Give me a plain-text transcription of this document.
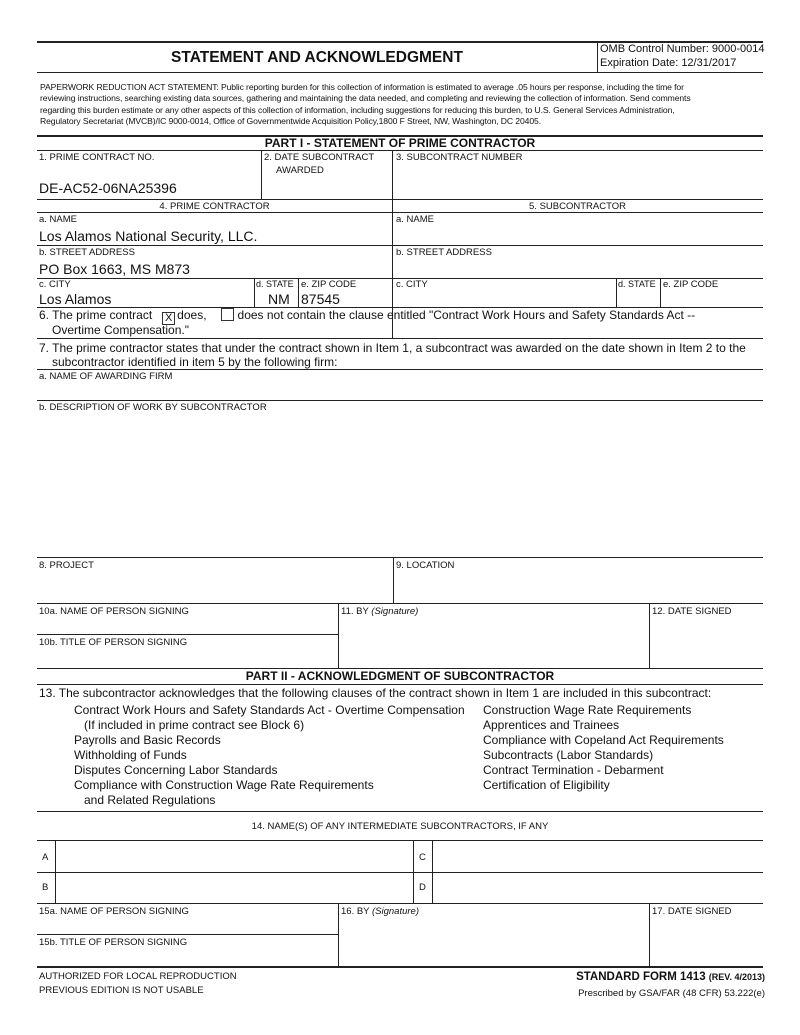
STATEMENT AND ACKNOWLEDGMENT	OMB Control Number: 9000-0014
Expiration Date: 12/31/2017
PAPERWORK REDUCTION ACT STATEMENT: Public reporting burden for this collection of information is estimated to average .05 hours per response, including the time for
reviewing instructions, searching existing data sources, gathering and maintaining the data needed, and completing and reviewing the collection of information. Send comments
regarding this burden estimate or any other aspects of this collection of information, including suggestions for reducing this burden, to U.S. General Services Administration,
Regulatory Secretariat (MVCB)/IC 9000-0014, Office of Governmentwide Acquisition Policy,1800 F Street, NW, Washington, DC 20405.
PART I - STATEMENT OF PRIME CONTRACTOR
1. PRIME CONTRACT NO.
DE-AC52-06NA25396
2. DATE SUBCONTRACT
AWARDED
3. SUBCONTRACT NUMBER
4. PRIME CONTRACTOR	5. SUBCONTRACTOR
a. NAME
Los Alamos National Security, LLC.
a. NAME
b. STREET ADDRESS
PO Box 1663, MS M873
b. STREET ADDRESS
c. CITY
Los Alamos
d. STATE
NM
e. ZIP CODE
87545
c. CITY	d. STATE e. ZIP CODE
6. The prime contract X does,	does not contain the clause entitled "Contract Work Hours and Safety Standards Act --
Overtime Compensation."
7. The prime contractor states that under the contract shown in Item 1, a subcontract was awarded on the date shown in Item 2 to the
subcontractor identified in item 5 by the following firm:
a. NAME OF AWARDING FIRM
b. DESCRIPTION OF WORK BY SUBCONTRACTOR
8. PROJECT	9. LOCATION
10a. NAME OF PERSON SIGNING	11. BY (Signature)	12. DATE SIGNED
10b. TITLE OF PERSON SIGNING
PART II - ACKNOWLEDGMENT OF SUBCONTRACTOR
13. The subcontractor acknowledges that the following clauses of the contract shown in Item 1 are included in this subcontract:
Contract Work Hours and Safety Standards Act - Overtime Compensation
(If included in prime contract see Block 6)
Payrolls and Basic Records
Withholding of Funds
Disputes Concerning Labor Standards
Compliance with Construction Wage Rate Requirements
and Related Regulations
Construction Wage Rate Requirements
Apprentices and Trainees
Compliance with Copeland Act Requirements
Subcontracts (Labor Standards)
Contract Termination - Debarment
Certification of Eligibility
14. NAME(S) OF ANY INTERMEDIATE SUBCONTRACTORS, IF ANY
A	C
B	D
15a. NAME OF PERSON SIGNING	16. BY (Signature)	17. DATE SIGNED
15b. TITLE OF PERSON SIGNING
AUTHORIZED FOR LOCAL REPRODUCTION
PREVIOUS EDITION IS NOT USABLE
STANDARD FORM 1413 (REV. 4/2013)
Prescribed by GSA/FAR (48 CFR) 53.222(e)
